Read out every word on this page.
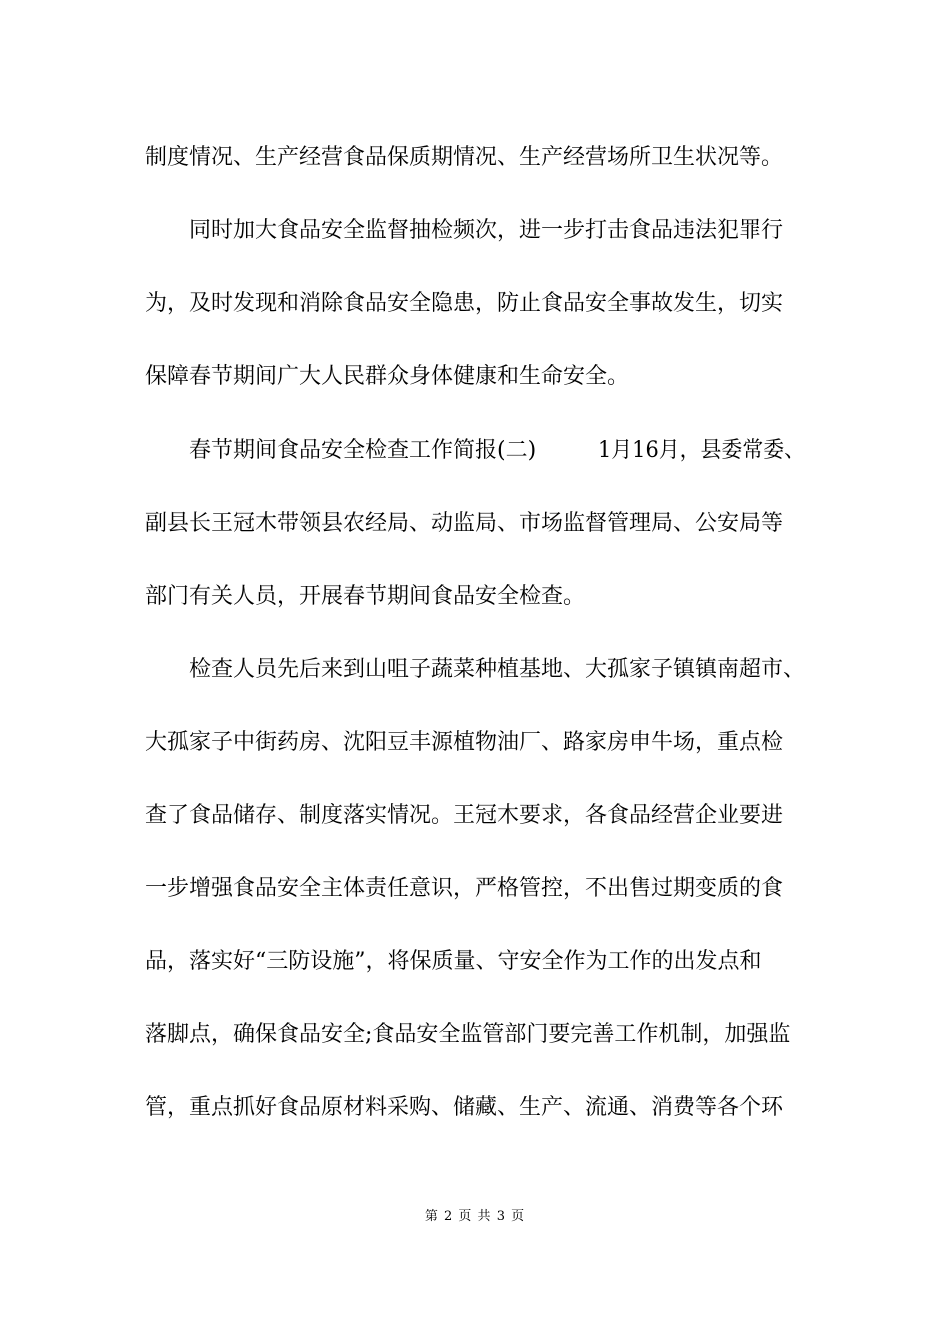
制度情况、生产经营食品保质期情况、生产经营场所卫生状况等。
同时加大食品安全监督抽检频次，进一步打击食品违法犯罪行
为，及时发现和消除食品安全隐患，防止食品安全事故发生，切实
保障春节期间广大人民群众身体健康和生命安全。
春节期间食品安全检查工作简报(二)	1月16月，县委常委、
副县长王冠木带领县农经局、动监局、市场监督管理局、公安局等
部门有关人员，开展春节期间食品安全检查。
检查人员先后来到山咀子蔬菜种植基地、大孤家子镇镇南超市、
大孤家子中街药房、沈阳豆丰源植物油厂、路家房申牛场，重点检
查了食品储存、制度落实情况。王冠木要求，各食品经营企业要进
一步增强食品安全主体责任意识，严格管控，不出售过期变质的食
品，落实好“三防设施”，将保质量、守安全作为工作的出发点和
落脚点，确保食品安全;食品安全监管部门要完善工作机制，加强监
管，重点抓好食品原材料采购、储藏、生产、流通、消费等各个环
第 2 页 共 3 页
